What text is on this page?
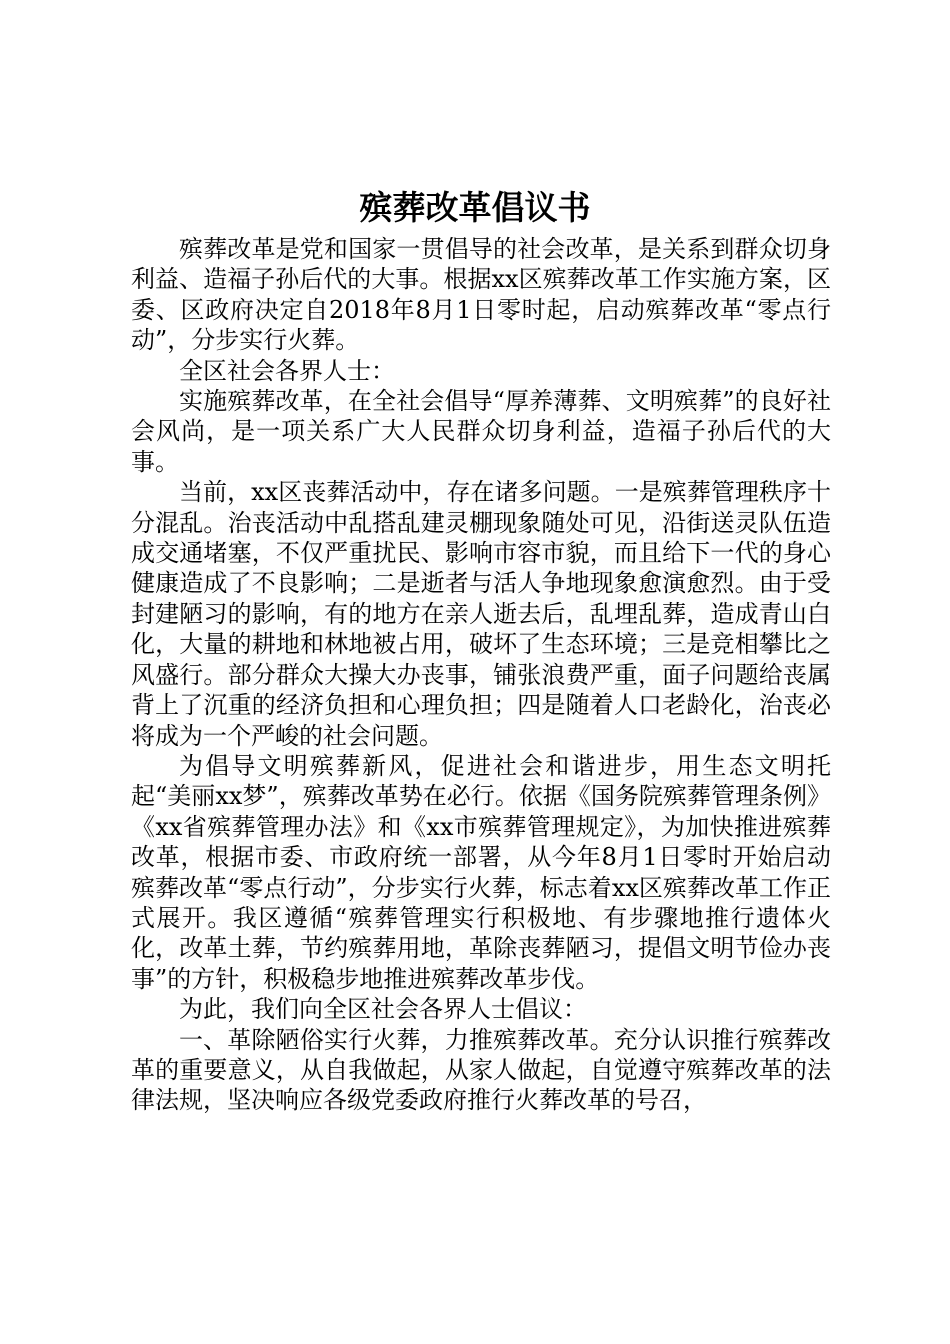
殡葬改革倡议书

殡葬改革是党和国家一贯倡导的社会改革，是关系到群众切身利益、造福子孙后代的大事。根据xx区殡葬改革工作实施方案，区委、区政府决定自2018年8月1日零时起，启动殡葬改革“零点行动”，分步实行火葬。

全区社会各界人士：

实施殡葬改革，在全社会倡导“厚养薄葬、文明殡葬”的良好社会风尚，是一项关系广大人民群众切身利益，造福子孙后代的大事。

当前，xx区丧葬活动中，存在诸多问题。一是殡葬管理秩序十分混乱。治丧活动中乱搭乱建灵棚现象随处可见，沿街送灵队伍造成交通堵塞，不仅严重扰民、影响市容市貌，而且给下一代的身心健康造成了不良影响；二是逝者与活人争地现象愈演愈烈。由于受封建陋习的影响，有的地方在亲人逝去后，乱埋乱葬，造成青山白化，大量的耕地和林地被占用，破坏了生态环境；三是竞相攀比之风盛行。部分群众大操大办丧事，铺张浪费严重，面子问题给丧属背上了沉重的经济负担和心理负担；四是随着人口老龄化，治丧必将成为一个严峻的社会问题。

为倡导文明殡葬新风，促进社会和谐进步，用生态文明托起“美丽xx梦”，殡葬改革势在必行。依据《国务院殡葬管理条例》《xx省殡葬管理办法》和《xx市殡葬管理规定》，为加快推进殡葬改革，根据市委、市政府统一部署，从今年8月1日零时开始启动殡葬改革“零点行动”，分步实行火葬，标志着xx区殡葬改革工作正式展开。我区遵循“殡葬管理实行积极地、有步骤地推行遗体火化，改革土葬，节约殡葬用地，革除丧葬陋习，提倡文明节俭办丧事”的方针，积极稳步地推进殡葬改革步伐。

为此，我们向全区社会各界人士倡议：

一、革除陋俗实行火葬，力推殡葬改革。充分认识推行殡葬改革的重要意义，从自我做起，从家人做起，自觉遵守殡葬改革的法律法规，坚决响应各级党委政府推行火葬改革的号召，
